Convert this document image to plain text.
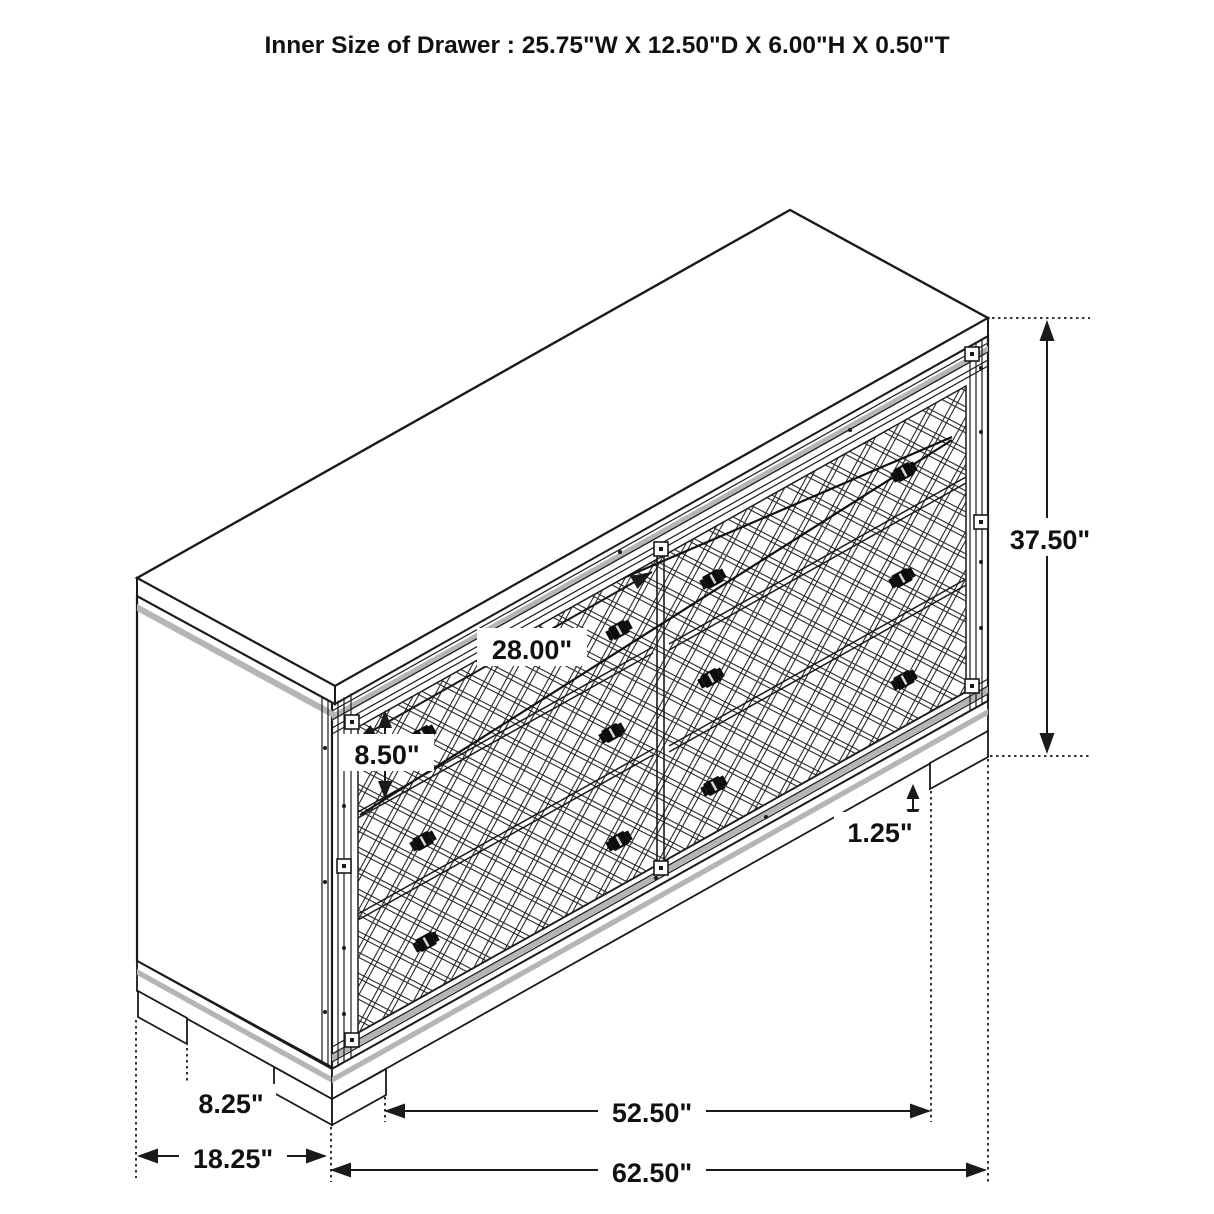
Inner Size of Drawer : 25.75"W X 12.50"D X 6.00"H X 0.50"T
37.50"
28.00"
8.50"
1.25"
8.25"	52.50"
18.25"	62.50"
